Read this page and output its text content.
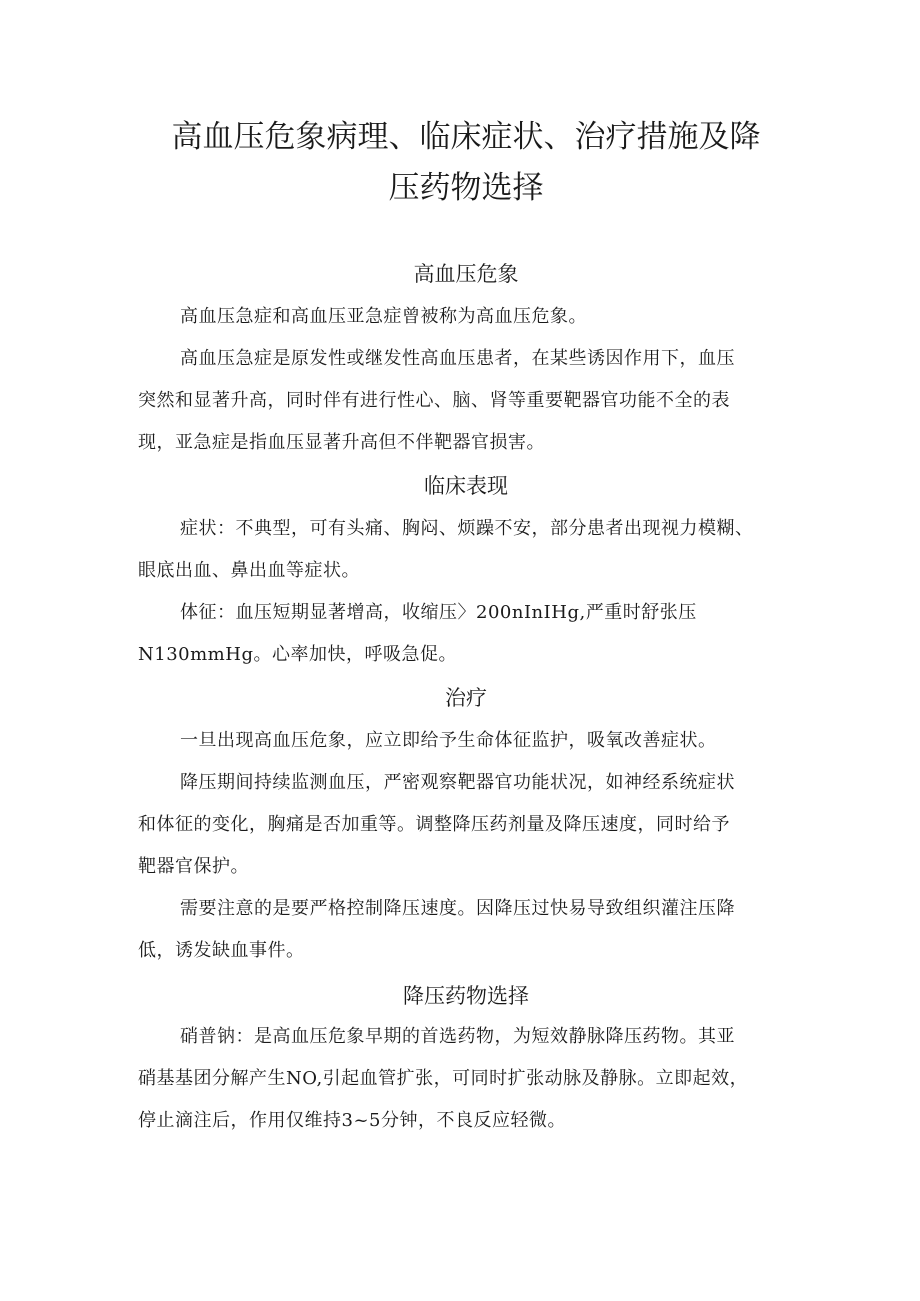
高血压危象病理、临床症状、治疗措施及降
压药物选择
高血压危象
高血压急症和高血压亚急症曾被称为高血压危象。
高血压急症是原发性或继发性高血压患者，在某些诱因作用下，血压
突然和显著升高，同时伴有进行性心、脑、肾等重要靶器官功能不全的表
现，亚急症是指血压显著升高但不伴靶器官损害。
临床表现
症状：不典型，可有头痛、胸闷、烦躁不安，部分患者出现视力模糊、
眼底出血、鼻出血等症状。
体征：血压短期显著增高，收缩压〉200nInIHg,严重时舒张压
N130mmHg。心率加快，呼吸急促。
治疗
一旦出现高血压危象，应立即给予生命体征监护，吸氧改善症状。
降压期间持续监测血压，严密观察靶器官功能状况，如神经系统症状
和体征的变化，胸痛是否加重等。调整降压药剂量及降压速度，同时给予
靶器官保护。
需要注意的是要严格控制降压速度。因降压过快易导致组织灌注压降
低，诱发缺血事件。
降压药物选择
硝普钠：是高血压危象早期的首选药物，为短效静脉降压药物。其亚
硝基基团分解产生NO,引起血管扩张，可同时扩张动脉及静脉。立即起效，
停止滴注后，作用仅维持3~5分钟，不良反应轻微。
